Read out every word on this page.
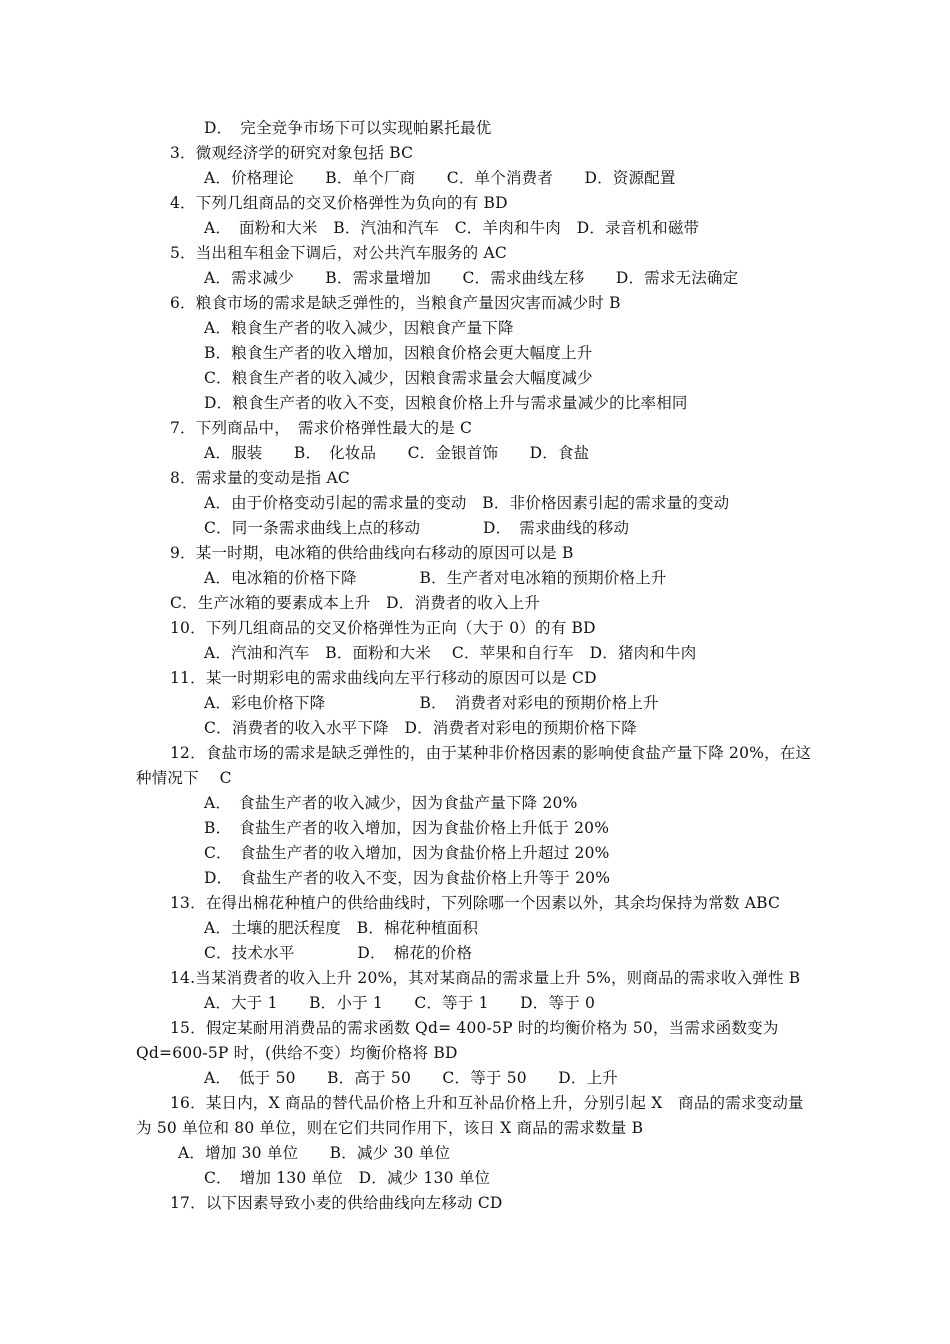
D．　完全竞争市场下可以实现帕累托最优
3．微观经济学的研究对象包括 BC
A．价格理论　　B．单个厂商　　C．单个消费者　　D．资源配置
4．下列几组商品的交叉价格弹性为负向的有 BD
A．　面粉和大米　B．汽油和汽车　C．羊肉和牛肉　D．录音机和磁带
5．当出租车租金下调后，对公共汽车服务的 AC
A．需求减少　　B．需求量增加　　C．需求曲线左移　　D．需求无法确定
6．粮食市场的需求是缺乏弹性的，当粮食产量因灾害而减少时 B
A．粮食生产者的收入减少，因粮食产量下降
B．粮食生产者的收入增加，因粮食价格会更大幅度上升
C．粮食生产者的收入减少，因粮食需求量会大幅度减少
D．粮食生产者的收入不变，因粮食价格上升与需求量减少的比率相同
7．下列商品中，　需求价格弹性最大的是 C
A．服装　　B．　化妆品　　C．金银首饰　　D．食盐
8．需求量的变动是指 AC
A．由于价格变动引起的需求量的变动　B．非价格因素引起的需求量的变动
C．同一条需求曲线上点的移动　　　　D．　需求曲线的移动
9．某一时期，电冰箱的供给曲线向右移动的原因可以是 B
A．电冰箱的价格下降　　　　B．生产者对电冰箱的预期价格上升
C．生产冰箱的要素成本上升　D．消费者的收入上升
10．下列几组商品的交叉价格弹性为正向（大于 0）的有 BD
A．汽油和汽车　B．面粉和大米　 C．苹果和自行车　D．猪肉和牛肉
11．某一时期彩电的需求曲线向左平行移动的原因可以是 CD
A．彩电价格下降　　　　　　B．　消费者对彩电的预期价格上升
C．消费者的收入水平下降　D．消费者对彩电的预期价格下降
12．食盐市场的需求是缺乏弹性的，由于某种非价格因素的影响使食盐产量下降 20%，在这
种情况下　 C
A．　食盐生产者的收入减少，因为食盐产量下降 20%
B．　食盐生产者的收入增加，因为食盐价格上升低于 20%
C．　食盐生产者的收入增加，因为食盐价格上升超过 20%
D．　食盐生产者的收入不变，因为食盐价格上升等于 20%
13．在得出棉花种植户的供给曲线时，下列除哪一个因素以外，其余均保持为常数 ABC
A．土壤的肥沃程度　B．棉花种植面积
C．技术水平　　　　D．　棉花的价格
14.当某消费者的收入上升 20%，其对某商品的需求量上升 5%，则商品的需求收入弹性 B
A．大于 1　　B．小于 1　　C．等于 1　　D．等于 0
15．假定某耐用消费品的需求函数 Qd= 400-5P 时的均衡价格为 50，当需求函数变为
Qd=600-5P 时，(供给不变）均衡价格将 BD
A．　低于 50　　B．高于 50　　C．等于 50　　D．上升
16．某日内，X 商品的替代品价格上升和互补品价格上升，分别引起 X　商品的需求变动量
为 50 单位和 80 单位，则在它们共同作用下，该日 X 商品的需求数量 B
A．增加 30 单位　　B．减少 30 单位
C．　增加 130 单位　D．减少 130 单位
17．以下因素导致小麦的供给曲线向左移动 CD
